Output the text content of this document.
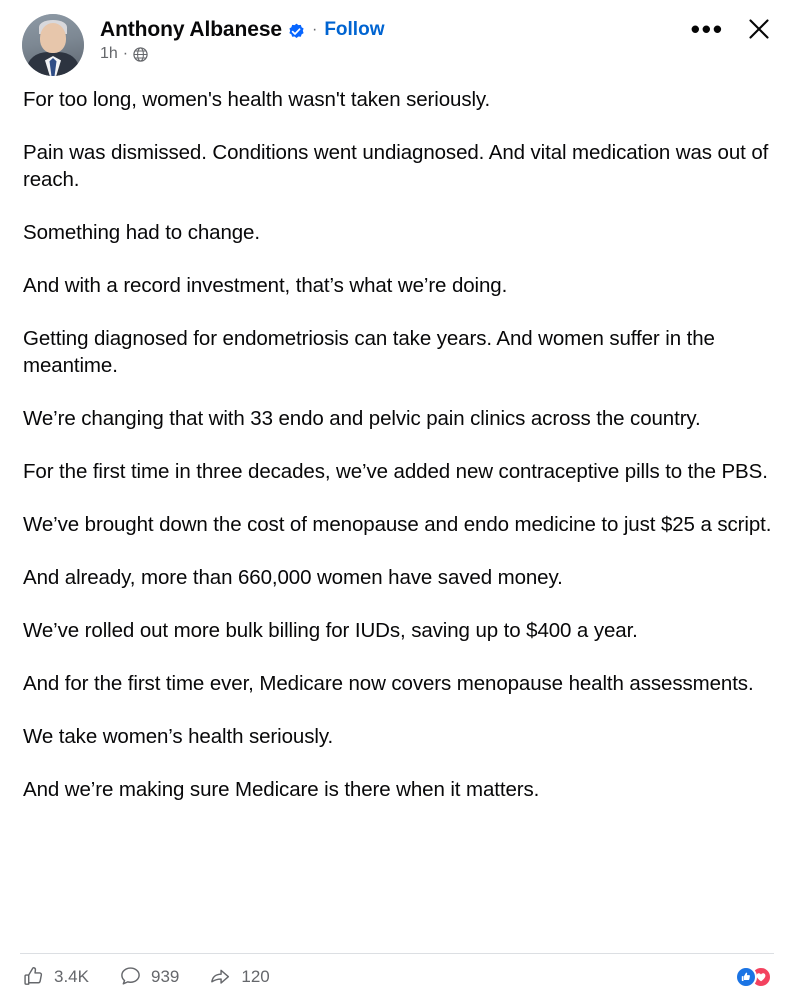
Anthony Albanese · Follow
1h ·
•••

For too long, women's health wasn't taken seriously.

Pain was dismissed. Conditions went undiagnosed. And vital medication was out of reach.

Something had to change.

And with a record investment, that’s what we’re doing.

Getting diagnosed for endometriosis can take years. And women suffer in the meantime.

We’re changing that with 33 endo and pelvic pain clinics across the country.

For the first time in three decades, we’ve added new contraceptive pills to the PBS.

We’ve brought down the cost of menopause and endo medicine to just $25 a script.

And already, more than 660,000 women have saved money.

We’ve rolled out more bulk billing for IUDs, saving up to $400 a year.

And for the first time ever, Medicare now covers menopause health assessments.

We take women’s health seriously.

And we’re making sure Medicare is there when it matters.

3.4K	939	120
